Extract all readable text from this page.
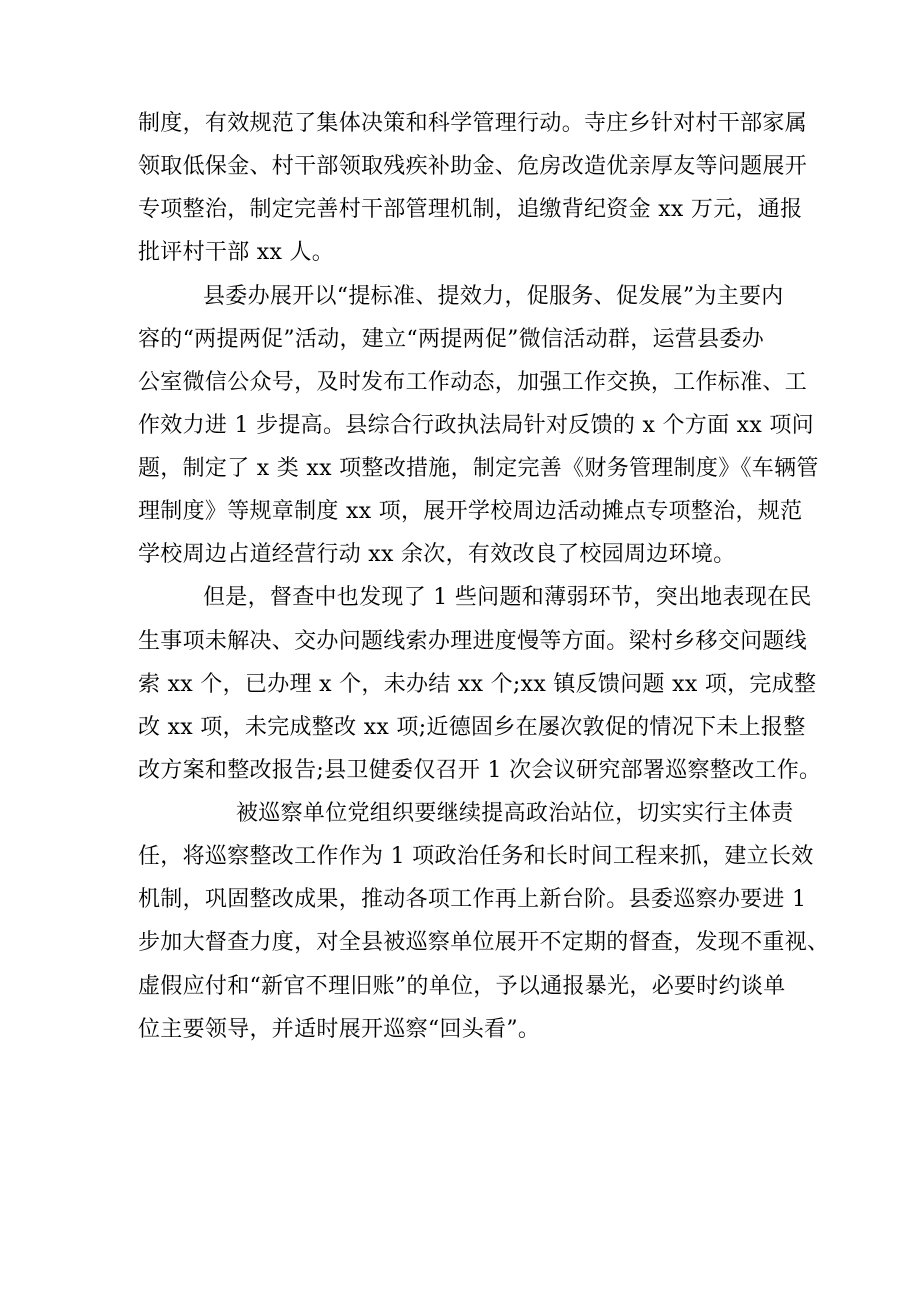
制度，有效规范了集体决策和科学管理行动。寺庄乡针对村干部家属

领取低保金、村干部领取残疾补助金、危房改造优亲厚友等问题展开

专项整治，制定完善村干部管理机制，追缴背纪资金 xx 万元，通报

批评村干部 xx 人。

县委办展开以“提标准、提效力，促服务、促发展”为主要内

容的“两提两促”活动，建立“两提两促”微信活动群，运营县委办

公室微信公众号，及时发布工作动态，加强工作交换，工作标准、工

作效力进 1 步提高。县综合行政执法局针对反馈的 x 个方面 xx 项问

题，制定了 x 类 xx 项整改措施，制定完善《财务管理制度》《车辆管

理制度》等规章制度 xx 项，展开学校周边活动摊点专项整治，规范

学校周边占道经营行动 xx 余次，有效改良了校园周边环境。

但是，督查中也发现了 1 些问题和薄弱环节，突出地表现在民

生事项未解决、交办问题线索办理进度慢等方面。梁村乡移交问题线

索 xx 个，已办理 x 个，未办结 xx 个;xx 镇反馈问题 xx 项，完成整

改 xx 项，未完成整改 xx 项;近德固乡在屡次敦促的情况下未上报整

改方案和整改报告;县卫健委仅召开 1 次会议研究部署巡察整改工作。

被巡察单位党组织要继续提高政治站位，切实实行主体责

任，将巡察整改工作作为 1 项政治任务和长时间工程来抓，建立长效

机制，巩固整改成果，推动各项工作再上新台阶。县委巡察办要进 1

步加大督查力度，对全县被巡察单位展开不定期的督查，发现不重视、

虚假应付和“新官不理旧账”的单位，予以通报暴光，必要时约谈单

位主要领导，并适时展开巡察“回头看”。
